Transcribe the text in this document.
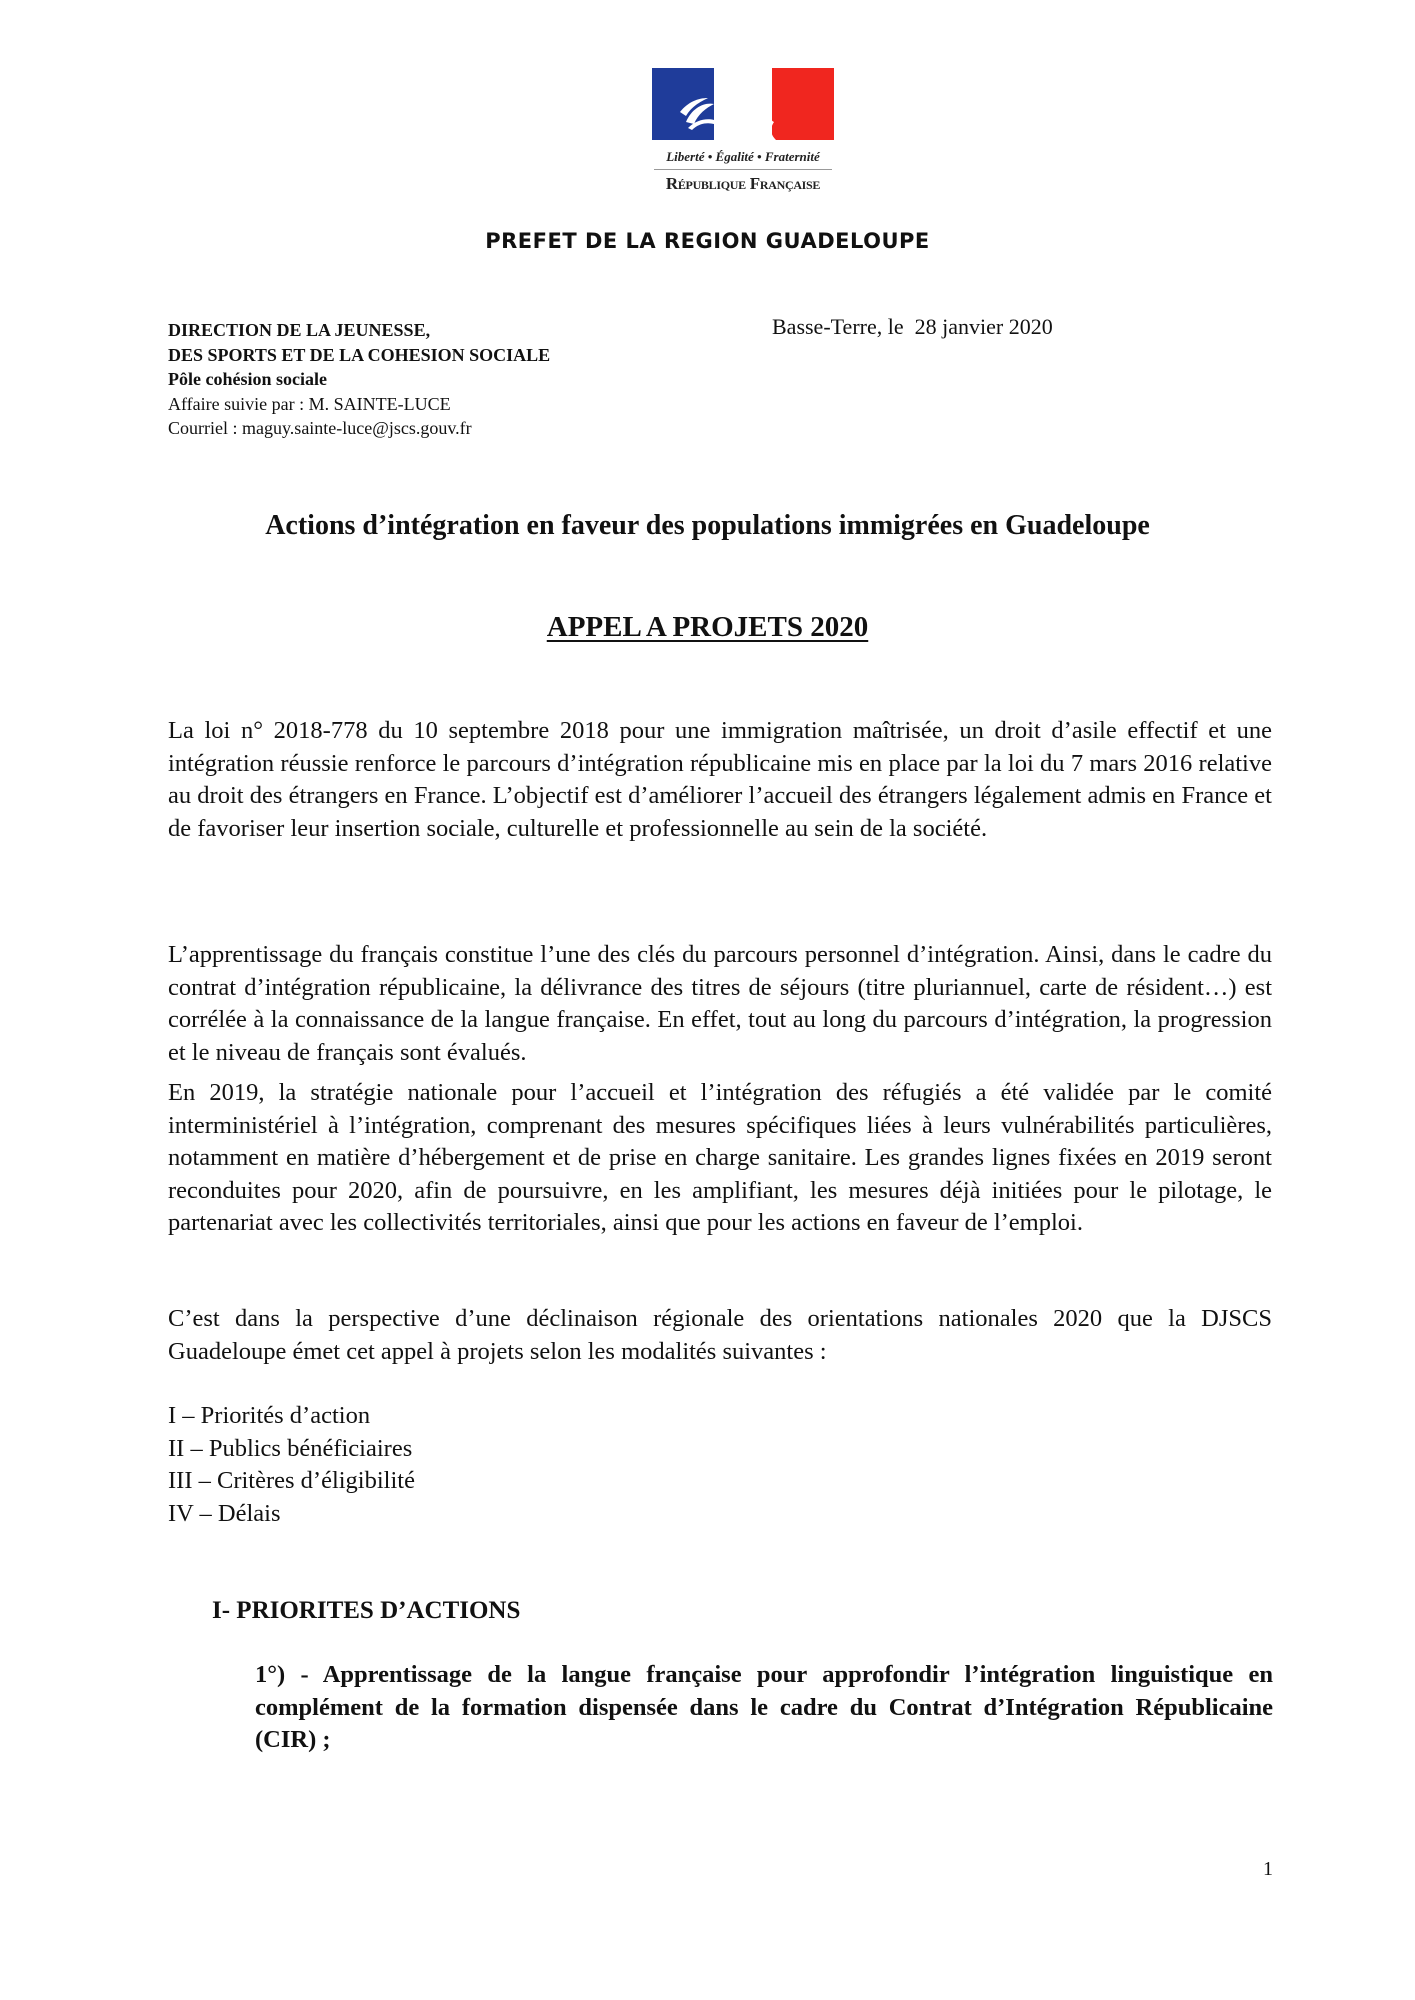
Liberté • Égalité • Fraternité
République Française
PREFET DE LA REGION GUADELOUPE
DIRECTION DE LA JEUNESSE,
DES SPORTS ET DE LA COHESION SOCIALE
Pôle cohésion sociale
Affaire suivie par : M. SAINTE-LUCE
Courriel : maguy.sainte-luce@jscs.gouv.fr
Basse-Terre, le  28 janvier 2020
Actions d’intégration en faveur des populations immigrées en Guadeloupe
APPEL A PROJETS 2020
La loi n° 2018-778 du 10 septembre 2018 pour une immigration maîtrisée, un droit d’asile effectif et une intégration réussie renforce le parcours d’intégration républicaine mis en place par la loi du 7 mars 2016 relative au droit des étrangers en France. L’objectif est d’améliorer l’accueil des étrangers légalement admis en France et de favoriser leur insertion sociale, culturelle et professionnelle au sein de la société.
L’apprentissage du français constitue l’une des clés du parcours personnel d’intégration. Ainsi, dans le cadre du contrat d’intégration républicaine, la délivrance des titres de séjours (titre pluriannuel, carte de résident…) est corrélée à la connaissance de la langue française. En effet, tout au long du parcours d’intégration, la progression et le niveau de français sont évalués.
En 2019, la stratégie nationale pour l’accueil et l’intégration des réfugiés a été validée par le comité interministériel à l’intégration, comprenant des mesures spécifiques liées à leurs vulnérabilités particulières, notamment en matière d’hébergement et de prise en charge sanitaire. Les grandes lignes fixées en 2019 seront reconduites pour 2020, afin de poursuivre, en les amplifiant, les mesures déjà initiées pour le pilotage, le partenariat avec les collectivités territoriales, ainsi que pour les actions en faveur de l’emploi.
C’est dans la perspective d’une déclinaison régionale des orientations nationales 2020 que la DJSCS Guadeloupe émet cet appel à projets selon les modalités suivantes :
I – Priorités d’action
II – Publics bénéficiaires
III – Critères d’éligibilité
IV – Délais
I- PRIORITES D’ACTIONS
1°) - Apprentissage de la langue française pour approfondir l’intégration linguistique en complément de la formation dispensée dans le cadre du Contrat d’Intégration Républicaine (CIR) ;
1
